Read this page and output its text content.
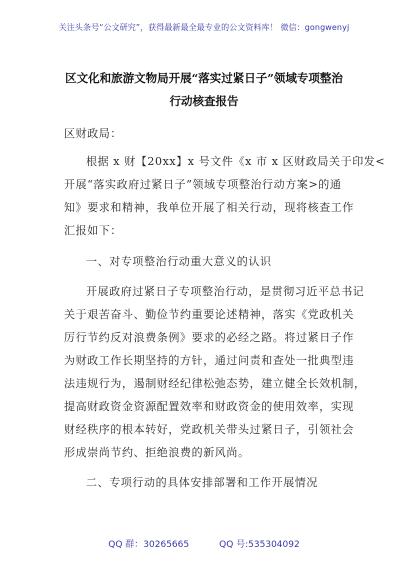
关注头条号“公文研究”，获得最新最全最专业的公文资料库！ 微信：gongwenyj
区文化和旅游文物局开展“落实过紧日子”领域专项整治
行动核查报告
区财政局：
根据 x 财【20xx】x 号文件《x 市 x 区财政局关于印发<
开展“落实政府过紧日子”领域专项整治行动方案>的通
知》要求和精神，我单位开展了相关行动，现将核查工作
汇报如下：
一、对专项整治行动重大意义的认识
开展政府过紧日子专项整治行动，是贯彻习近平总书记
关于艰苦奋斗、勤俭节约重要论述精神，落实《党政机关
厉行节约反对浪费条例》要求的必经之路。将过紧日子作
为财政工作长期坚持的方针，通过问责和查处一批典型违
法违规行为，遏制财经纪律松弛态势，建立健全长效机制，
提高财政资金资源配置效率和财政资金的使用效率，实现
财经秩序的根本转好，党政机关带头过紧日子，引领社会
形成崇尚节约、拒绝浪费的新风尚。
二、专项行动的具体安排部署和工作开展情况
QQ 群：30265665	QQ 号:535304092
